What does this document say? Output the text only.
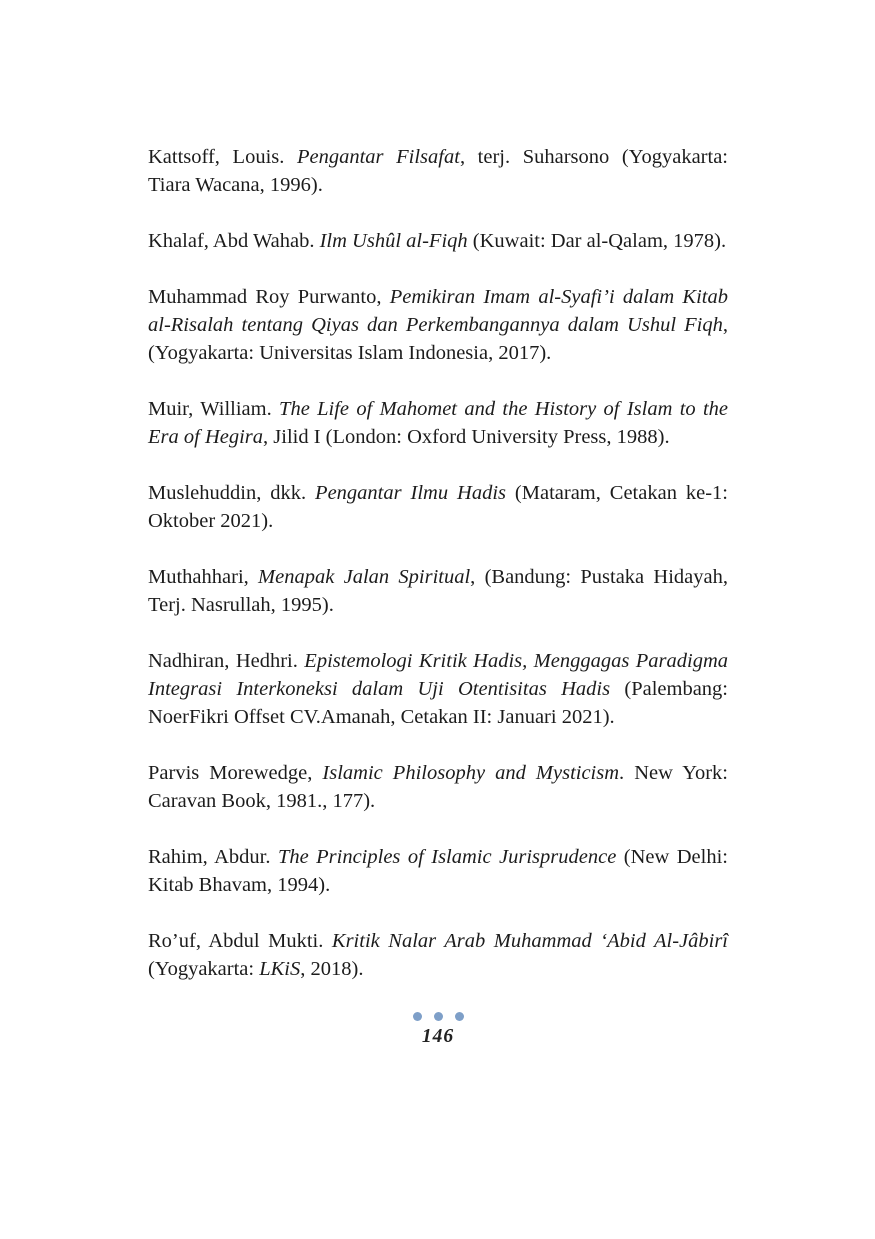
Kattsoff, Louis. Pengantar Filsafat, terj. Suharsono (Yogyakarta: Tiara Wacana, 1996).

Khalaf, Abd Wahab. Ilm Ushûl al-Fiqh (Kuwait: Dar al-Qalam, 1978).

Muhammad Roy Purwanto, Pemikiran Imam al-Syafi’i dalam Kitab al-Risalah tentang Qiyas dan Perkembangannya dalam Ushul Fiqh, (Yogyakarta: Universitas Islam Indonesia, 2017).

Muir, William. The Life of Mahomet and the History of Islam to the Era of Hegira, Jilid I (London: Oxford University Press, 1988).

Muslehuddin, dkk. Pengantar Ilmu Hadis (Mataram, Cetakan ke-1: Oktober 2021).

Muthahhari, Menapak Jalan Spiritual, (Bandung: Pustaka Hidayah, Terj. Nasrullah, 1995).

Nadhiran, Hedhri. Epistemologi Kritik Hadis, Menggagas Paradigma Integrasi Interkoneksi dalam Uji Otentisitas Hadis (Palembang: NoerFikri Offset CV.Amanah, Cetakan II: Januari 2021).

Parvis Morewedge, Islamic Philosophy and Mysticism. New York: Caravan Book, 1981., 177).

Rahim, Abdur. The Principles of Islamic Jurisprudence (New Delhi: Kitab Bhavam, 1994).

Ro’uf, Abdul Mukti. Kritik Nalar Arab Muhammad ‘Abid Al-Jâbirî (Yogyakarta: LKiS, 2018).

146
